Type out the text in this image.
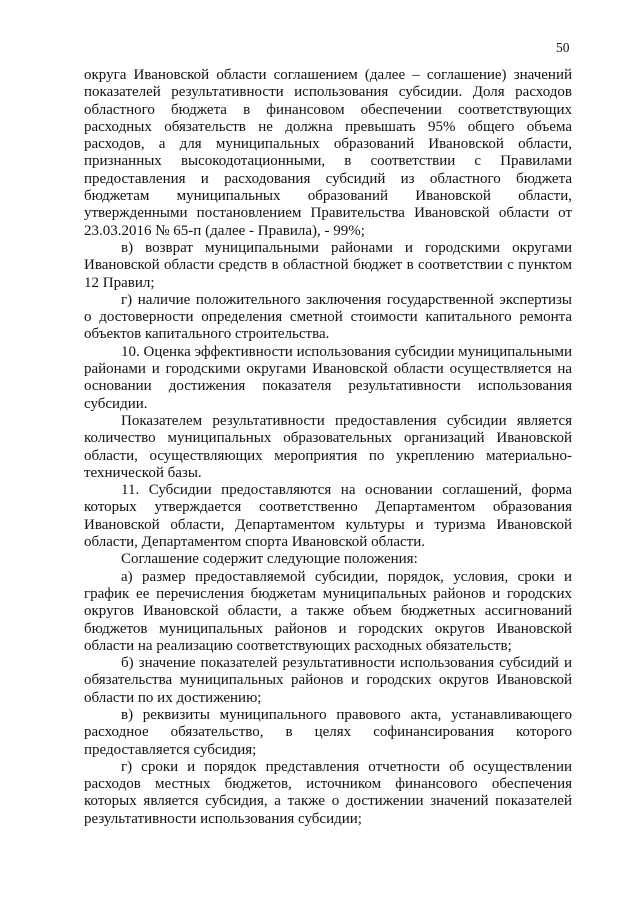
50

округа Ивановской области соглашением (далее – соглашение) значений показателей результативности использования субсидии. Доля расходов областного бюджета в финансовом обеспечении соответствующих расходных обязательств не должна превышать 95% общего объема расходов, а для муниципальных образований Ивановской области, признанных высокодотационными, в соответствии с Правилами предоставления и расходования субсидий из областного бюджета бюджетам муниципальных образований Ивановской области, утвержденными постановлением Правительства Ивановской области от 23.03.2016 № 65-п (далее - Правила), - 99%;

в) возврат муниципальными районами и городскими округами Ивановской области средств в областной бюджет в соответствии с пунктом 12 Правил;

г) наличие положительного заключения государственной экспертизы о достоверности определения сметной стоимости капитального ремонта объектов капитального строительства.

10. Оценка эффективности использования субсидии муниципальными районами и городскими округами Ивановской области осуществляется на основании достижения показателя результативности использования субсидии.

Показателем результативности предоставления субсидии является количество муниципальных образовательных организаций Ивановской области, осуществляющих мероприятия по укреплению материально-технической базы.

11. Субсидии предоставляются на основании соглашений, форма которых утверждается соответственно Департаментом образования Ивановской области, Департаментом культуры и туризма Ивановской области, Департаментом спорта Ивановской области.

Соглашение содержит следующие положения:

а) размер предоставляемой субсидии, порядок, условия, сроки и график ее перечисления бюджетам муниципальных районов и городских округов Ивановской области, а также объем бюджетных ассигнований бюджетов муниципальных районов и городских округов Ивановской области на реализацию соответствующих расходных обязательств;

б) значение показателей результативности использования субсидий и обязательства муниципальных районов и городских округов Ивановской области по их достижению;

в) реквизиты муниципального правового акта, устанавливающего расходное обязательство, в целях софинансирования которого предоставляется субсидия;

г) сроки и порядок представления отчетности об осуществлении расходов местных бюджетов, источником финансового обеспечения которых является субсидия, а также о достижении значений показателей результативности использования субсидии;
